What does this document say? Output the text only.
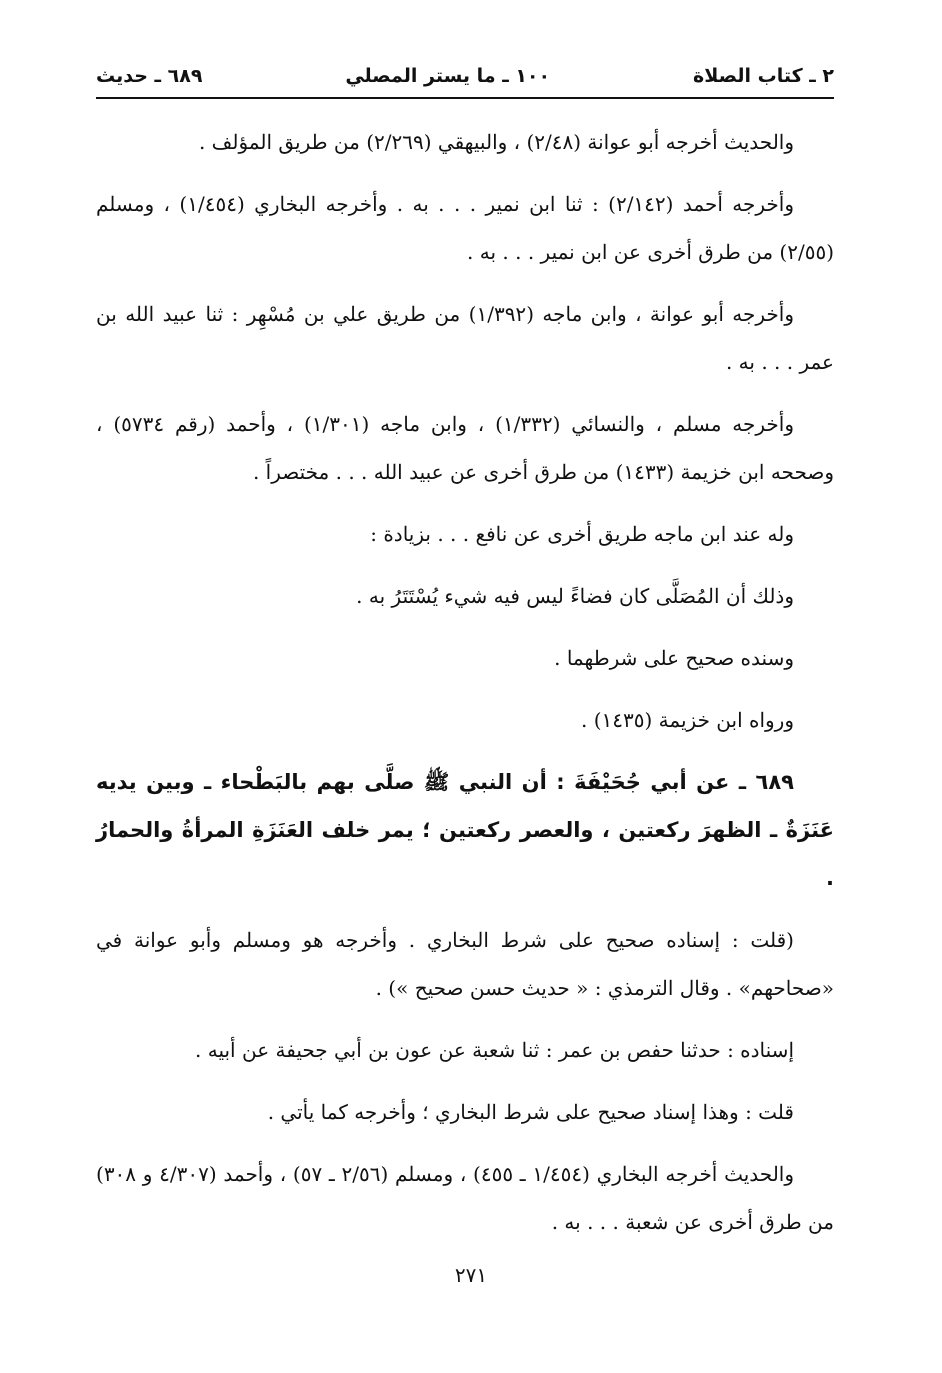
٢ ـ كتاب الصلاة
١٠٠ ـ ما يستر المصلي
٦٨٩ ـ حديث

والحديث أخرجه أبو عوانة (٢/٤٨) ، والبيهقي (٢/٢٦٩) من طريق المؤلف .

وأخرجه أحمد (٢/١٤٢) : ثنا ابن نمير . . . به . وأخرجه البخاري (١/٤٥٤) ، ومسلم (٢/٥٥) من طرق أخرى عن ابن نمير . . . به .

وأخرجه أبو عوانة ، وابن ماجه (١/٣٩٢) من طريق علي بن مُسْهِر : ثنا عبيد الله بن عمر . . . به .

وأخرجه مسلم ، والنسائي (١/٣٣٢) ، وابن ماجه (١/٣٠١) ، وأحمد (رقم ٥٧٣٤) ، وصححه ابن خزيمة (١٤٣٣) من طرق أخرى عن عبيد الله . . . مختصراً .

وله عند ابن ماجه طريق أخرى عن نافع . . . بزيادة :

وذلك أن المُصَلَّى كان فضاءً ليس فيه شيء يُسْتَتَرُ به .

وسنده صحيح على شرطهما .

ورواه ابن خزيمة (١٤٣٥) .

٦٨٩ ـ عن أبي جُحَيْفَةَ : أن النبي ﷺ صلَّى بهم بالبَطْحاء ـ وبين يديه عَنَزَةٌ ـ الظهرَ ركعتين ، والعصر ركعتين ؛ يمر خلف العَنَزَةِ المرأةُ والحمارُ .

(قلت : إسناده صحيح على شرط البخاري . وأخرجه هو ومسلم وأبو عوانة في «صحاحهم» . وقال الترمذي : « حديث حسن صحيح ») .

إسناده : حدثنا حفص بن عمر : ثنا شعبة عن عون بن أبي جحيفة عن أبيه .

قلت : وهذا إسناد صحيح على شرط البخاري ؛ وأخرجه كما يأتي .

والحديث أخرجه البخاري (١/٤٥٤ ـ ٤٥٥) ، ومسلم (٢/٥٦ ـ ٥٧) ، وأحمد (٤/٣٠٧ و ٣٠٨) من طرق أخرى عن شعبة . . . به .

٢٧١
